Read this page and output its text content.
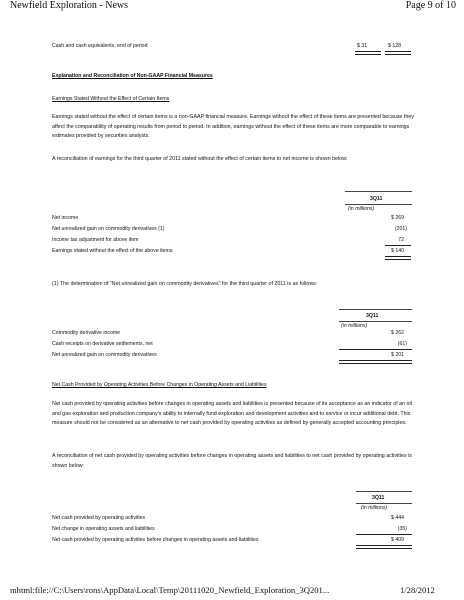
Newfield Exploration - News	Page 9 of 10
Cash and cash equivalents, end of period	$ 31	$ 128
Explanation and Reconciliation of Non-GAAP Financial Measures
Earnings Stated Without the Effect of Certain Items
Earnings stated without the effect of certain items is a non-GAAP financial measure. Earnings without the effect of these items are presented because they affect the comparability of operating results from period to period. In addition, earnings without the effect of these items are more comparable to earnings estimates provided by securities analysts.
A reconciliation of earnings for the third quarter of 2011 stated without the effect of certain items to net income is shown below:
3Q11
(in millions)
Net income	$ 269
Net unrealized gain on commodity derivatives (1)	(201)
Income tax adjustment for above item	72
Earnings stated without the effect of the above items	$ 140
(1) The determination of "Net unrealized gain on commodity derivatives" for the third quarter of 2011 is as follows:
3Q11
(in millions)
Commodity derivative income	$ 262
Cash receipts on derivative settlements, net	(61)
Net unrealized gain on commodity derivatives	$ 201
Net Cash Provided by Operating Activities Before Changes in Operating Assets and Liabilities
Net cash provided by operating activities before changes in operating assets and liabilities is presented because of its acceptance as an indicator of an oil and gas exploration and production company's ability to internally fund exploration and development activities and to service or incur additional debt. This measure should not be considered as an alternative to net cash provided by operating activities as defined by generally accepted accounting principles.
A reconciliation of net cash provided by operating activities before changes in operating assets and liabilities to net cash provided by operating activities is shown below:
3Q11
(in millions)
Net cash provided by operating activities	$ 444
Net change in operating assets and liabilities	(35)
Net cash provided by operating activities before changes in operating assets and liabilities	$ 409
mhtml:file://C:\Users\rons\AppData\Local\Temp\20111020_Newfield_Exploration_3Q201...	1/28/2012
